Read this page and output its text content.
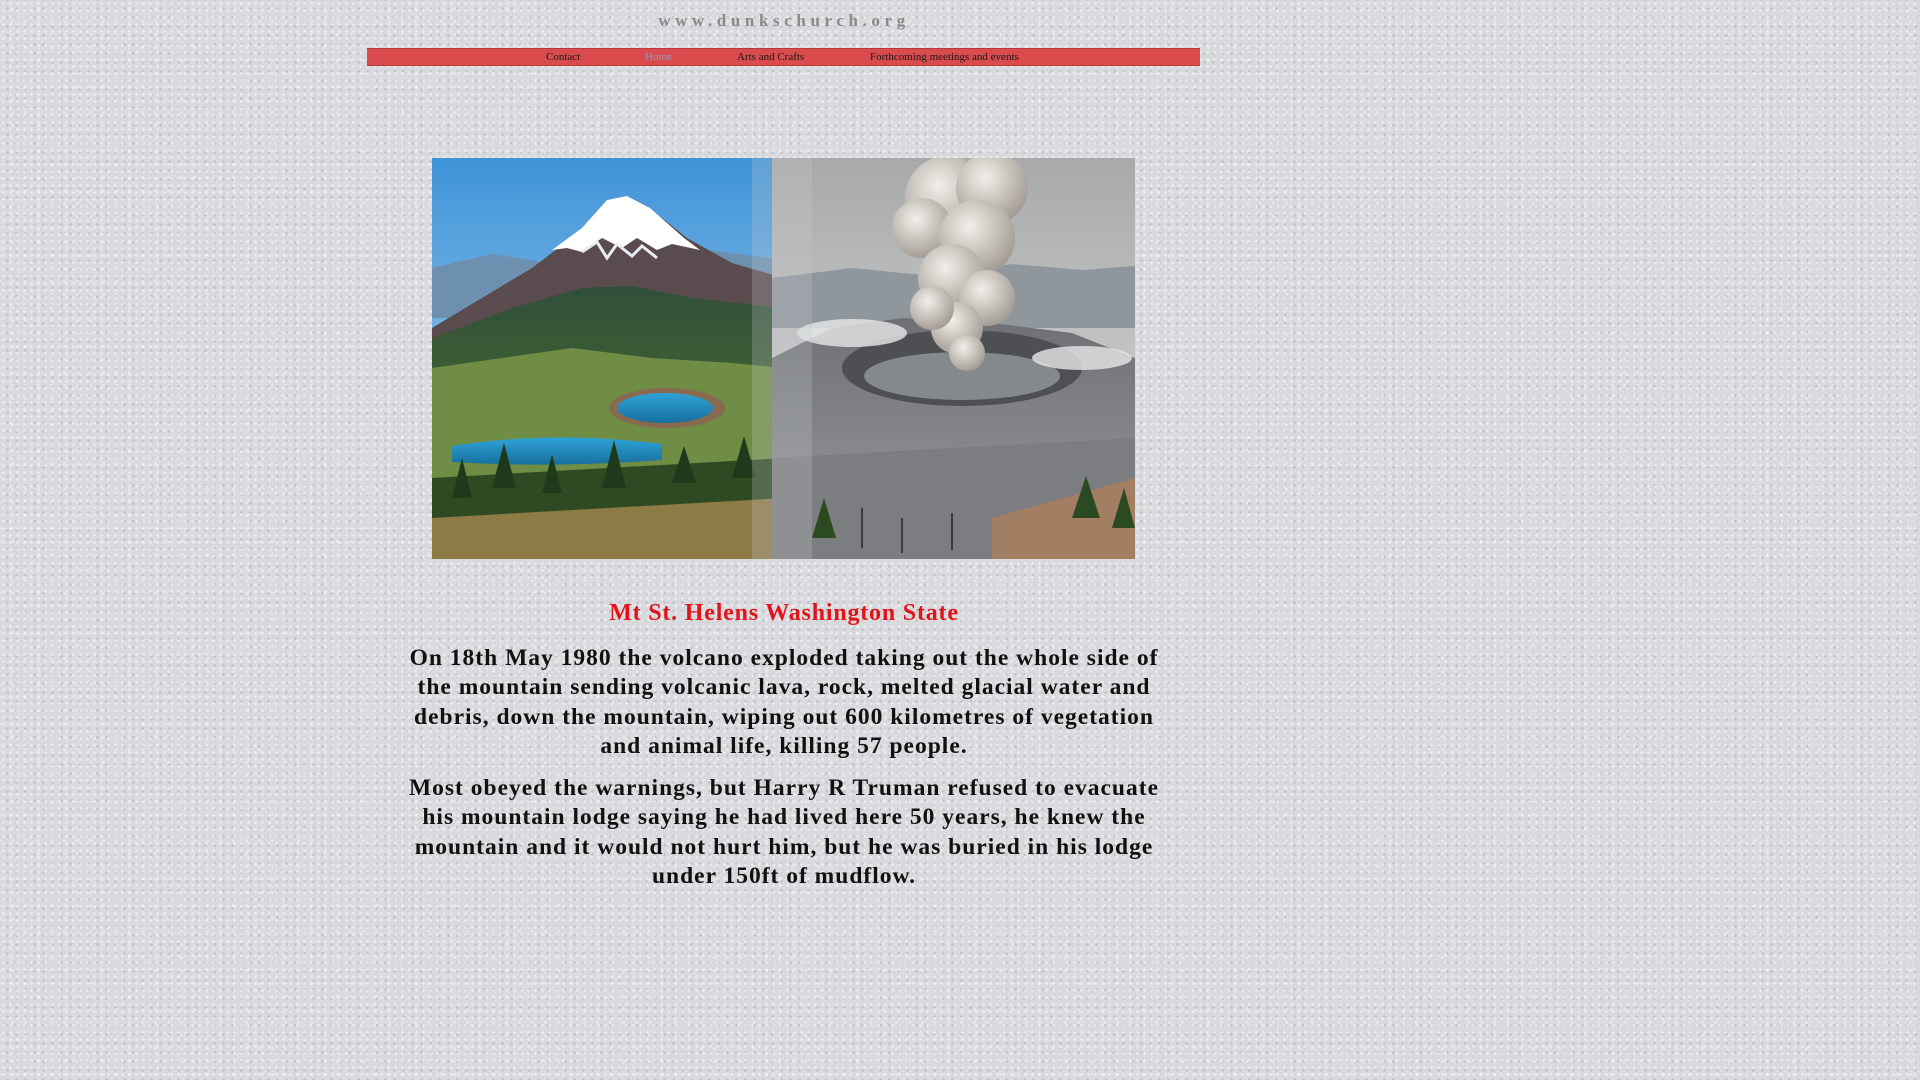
www.dunkschurch.org
Contact	Home	Arts and Crafts	Forthcoming meetings and events
Mt St. Helens Washington State

On 18th May 1980 the volcano exploded taking out the whole side of the mountain sending volcanic lava, rock, melted glacial water and debris, down the mountain, wiping out 600 kilometres of vegetation and animal life, killing 57 people.

Most obeyed the warnings, but Harry R Truman refused to evacuate his mountain lodge saying he had lived here 50 years, he knew the mountain and it would not hurt him, but he was buried in his lodge under 150ft of mudflow.
